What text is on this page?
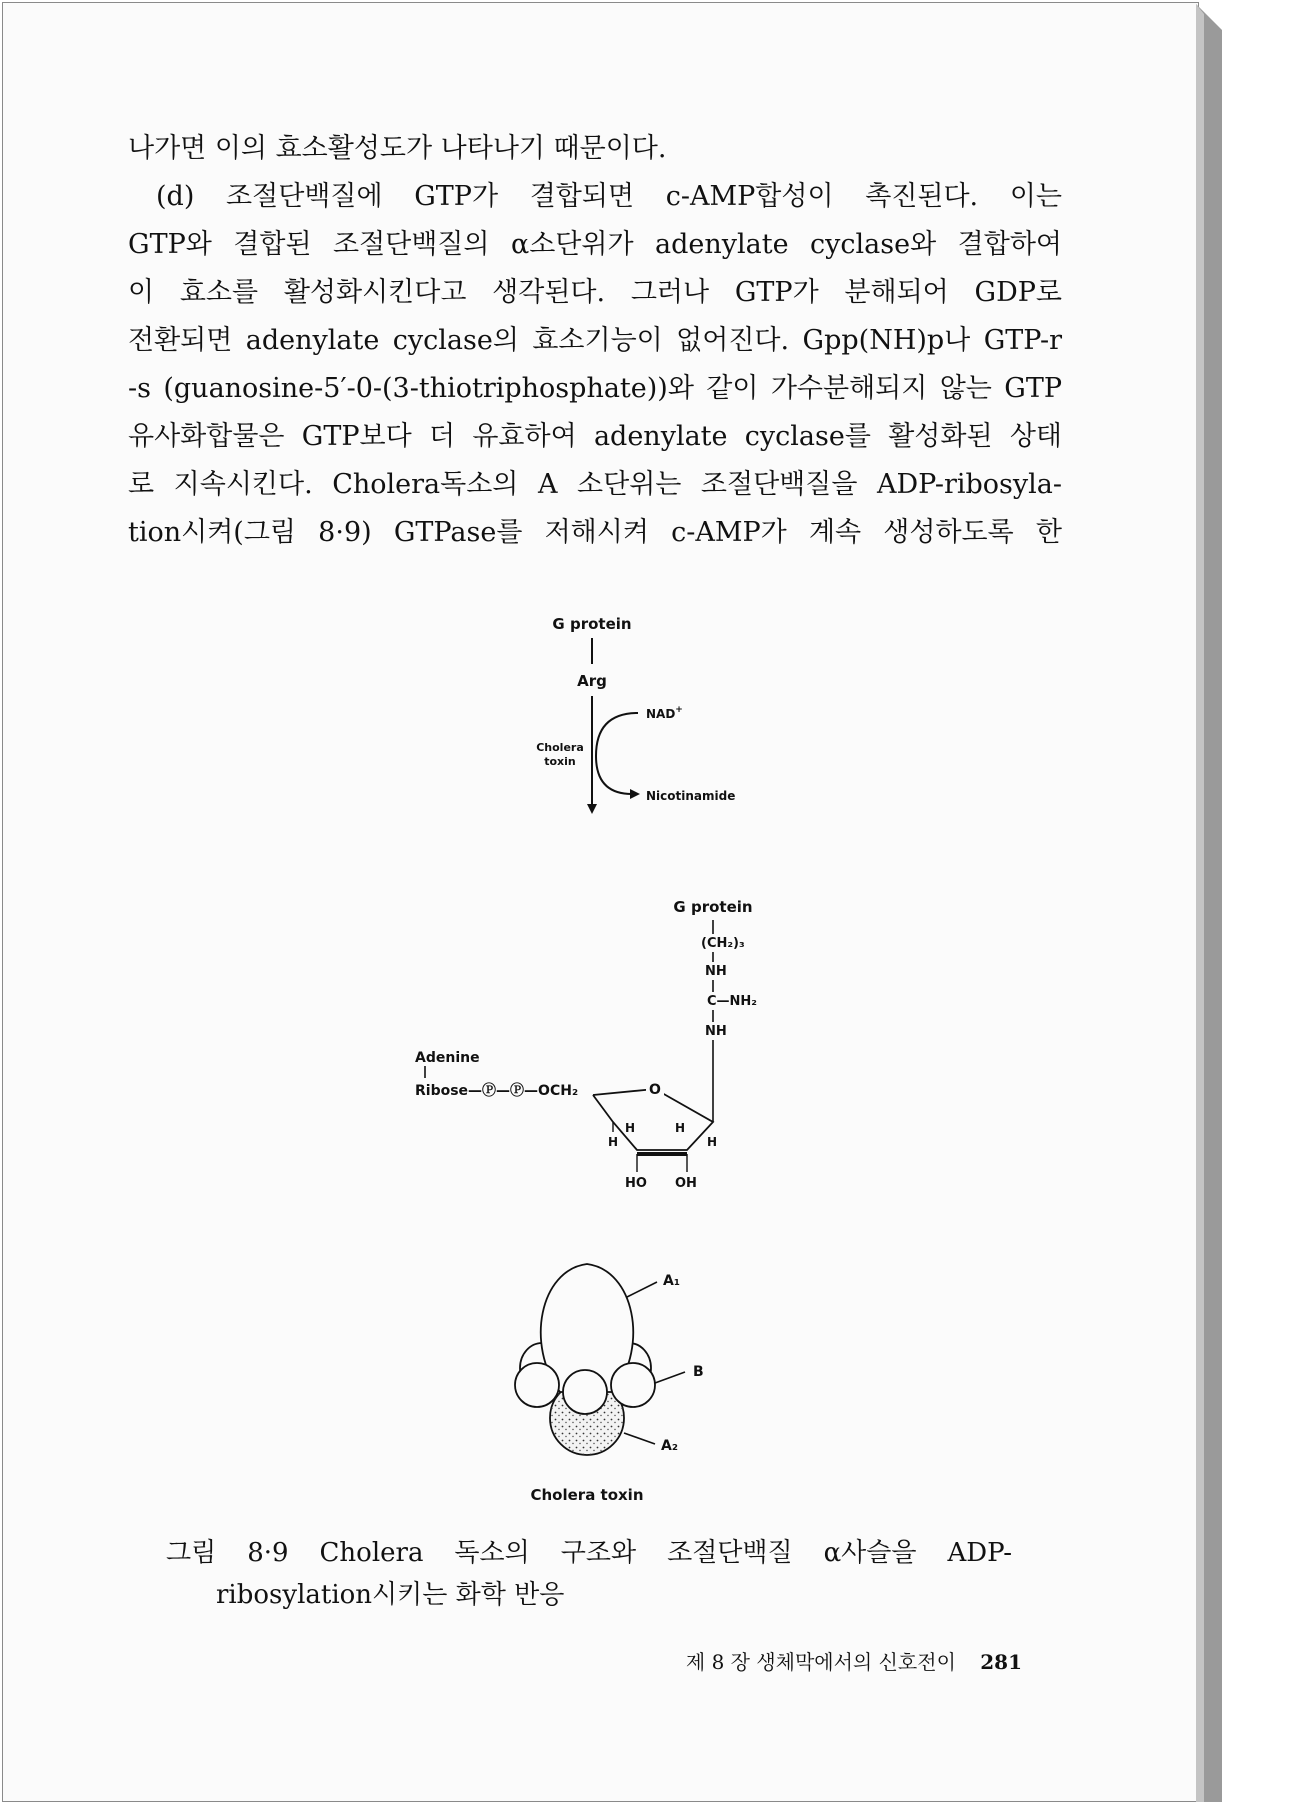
나가면 이의 효소활성도가 나타나기 때문이다.
(d) 조절단백질에 GTP가 결합되면 c-AMP합성이 촉진된다. 이는
GTP와 결합된 조절단백질의 α소단위가 adenylate cyclase와 결합하여
이 효소를 활성화시킨다고 생각된다. 그러나 GTP가 분해되어 GDP로
전환되면 adenylate cyclase의 효소기능이 없어진다. Gpp(NH)p나 GTP-r
-s (guanosine-5′-0-(3-thiotriphosphate))와 같이 가수분해되지 않는 GTP
유사화합물은 GTP보다 더 유효하여 adenylate cyclase를 활성화된 상태
로 지속시킨다. Cholera독소의 A 소단위는 조절단백질을 ADP-ribosyla-
tion시켜(그림 8·9) GTPase를 저해시켜 c-AMP가 계속 생성하도록 한
G protein
Arg
NAD+
Nicotinamide
Cholera
toxin
G protein
(CH₂)₃
NH
C—NH₂
NH
Adenine
Ribose—Ⓟ—Ⓟ—OCH₂	O
H
H	H
H
HO OH
A₁
B
A₂
Cholera toxin
그림 8·9 Cholera 독소의 구조와 조절단백질 α사슬을 ADP-
ribosylation시키는 화학 반응
제 8 장 생체막에서의 신호전이 281
